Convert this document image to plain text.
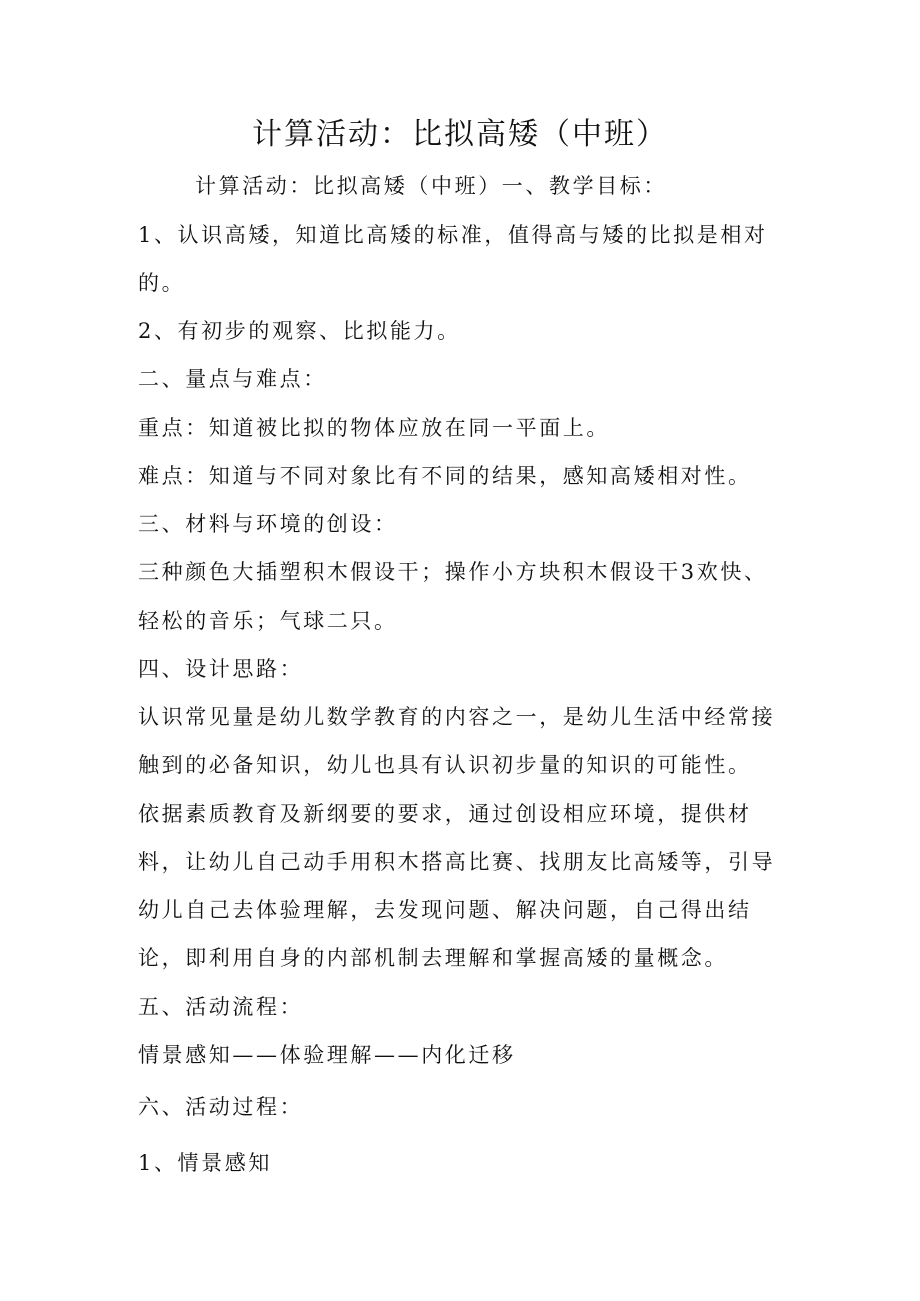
计算活动：比拟高矮（中班）
计算活动：比拟高矮（中班）一、教学目标：
1、认识高矮，知道比高矮的标准，值得高与矮的比拟是相对
的。
2、有初步的观察、比拟能力。
二、量点与难点：
重点：知道被比拟的物体应放在同一平面上。
难点：知道与不同对象比有不同的结果，感知高矮相对性。
三、材料与环境的创设：
三种颜色大插塑积木假设干；操作小方块积木假设干3欢快、
轻松的音乐；气球二只。
四、设计思路：
认识常见量是幼儿数学教育的内容之一，是幼儿生活中经常接
触到的必备知识，幼儿也具有认识初步量的知识的可能性。
依据素质教育及新纲要的要求，通过创设相应环境，提供材
料，让幼儿自己动手用积木搭高比赛、找朋友比高矮等，引导
幼儿自己去体验理解，去发现问题、解决问题，自己得出结
论，即利用自身的内部机制去理解和掌握高矮的量概念。
五、活动流程：
情景感知——体验理解——内化迁移
六、活动过程：
1、情景感知
